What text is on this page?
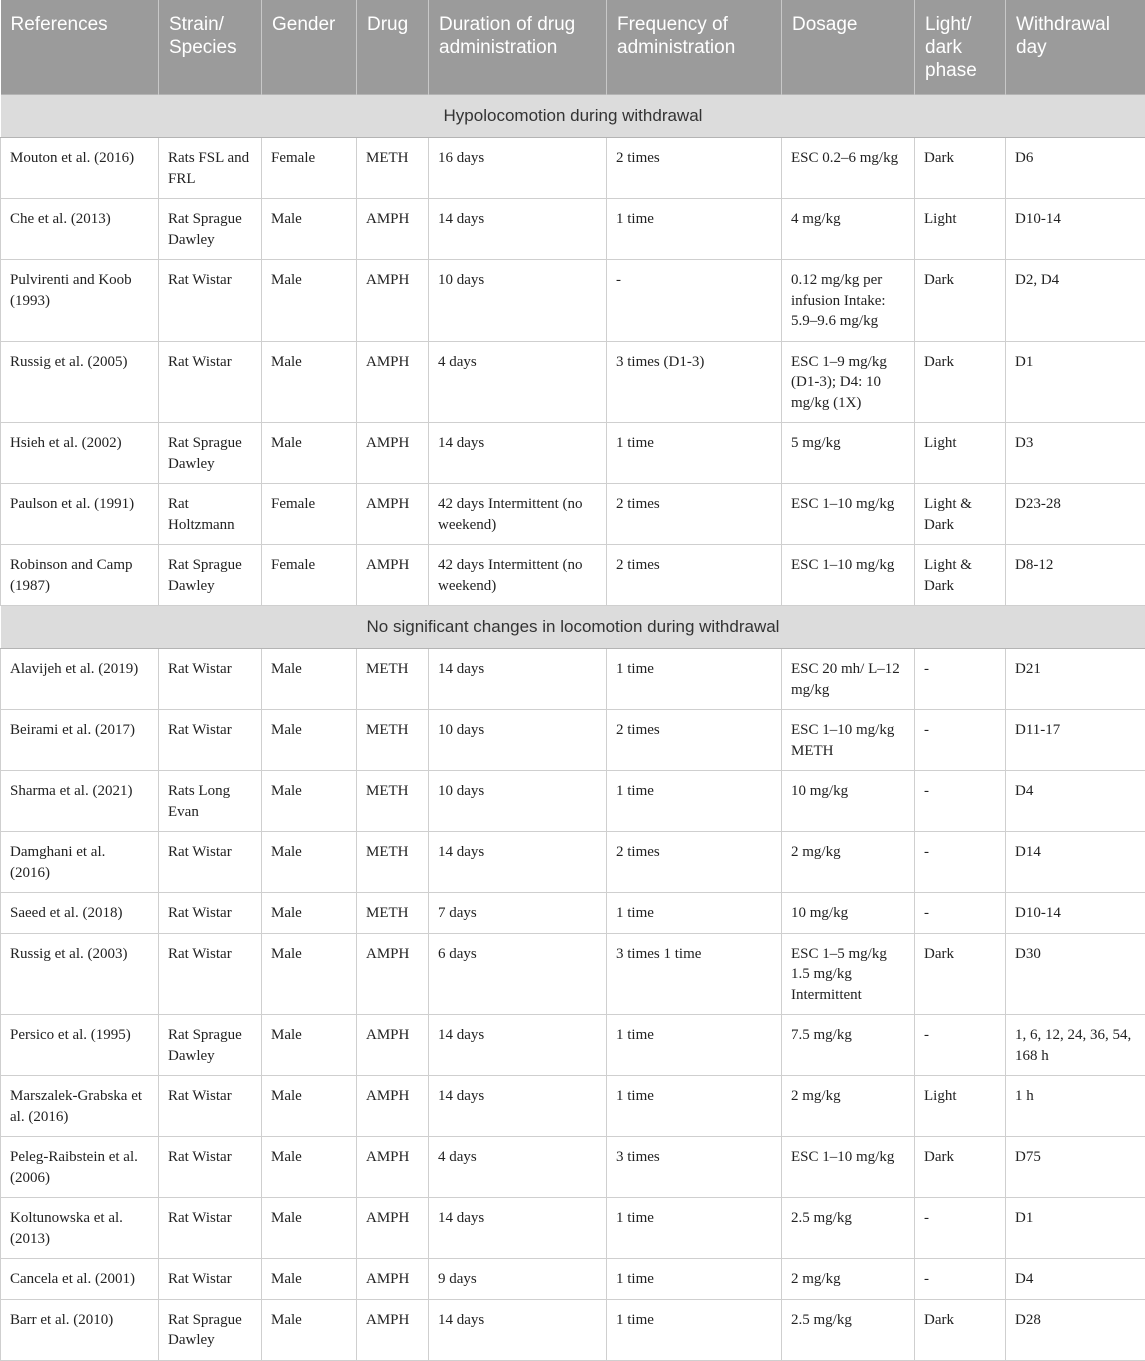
References	Strain/ Species	Gender	Drug	Duration of drug administration	Frequency of administration	Dosage	Light/ dark phase	Withdrawal day
Hypolocomotion during withdrawal								
Mouton et al. (2016)	Rats FSL and FRL	Female	METH	16 days	2 times	ESC 0.2–6 mg/kg	Dark	D6
Che et al. (2013)	Rat Sprague Dawley	Male	AMPH	14 days	1 time	4 mg/kg	Light	D10-14
Pulvirenti and Koob (1993)	Rat Wistar	Male	AMPH	10 days	-	0.12 mg/kg per infusion Intake: 5.9–9.6 mg/kg	Dark	D2, D4
Russig et al. (2005)	Rat Wistar	Male	AMPH	4 days	3 times (D1-3)	ESC 1–9 mg/kg (D1-3); D4: 10 mg/kg (1X)	Dark	D1
Hsieh et al. (2002)	Rat Sprague Dawley	Male	AMPH	14 days	1 time	5 mg/kg	Light	D3
Paulson et al. (1991)	Rat Holtzmann	Female	AMPH	42 days Intermittent (no weekend)	2 times	ESC 1–10 mg/kg	Light & Dark	D23-28
Robinson and Camp (1987)	Rat Sprague Dawley	Female	AMPH	42 days Intermittent (no weekend)	2 times	ESC 1–10 mg/kg	Light & Dark	D8-12
No significant changes in locomotion during withdrawal								
Alavijeh et al. (2019)	Rat Wistar	Male	METH	14 days	1 time	ESC 20 mh/ L–12 mg/kg	-	D21
Beirami et al. (2017)	Rat Wistar	Male	METH	10 days	2 times	ESC 1–10 mg/kg METH	-	D11-17
Sharma et al. (2021)	Rats Long Evan	Male	METH	10 days	1 time	10 mg/kg	-	D4
Damghani et al. (2016)	Rat Wistar	Male	METH	14 days	2 times	2 mg/kg	-	D14
Saeed et al. (2018)	Rat Wistar	Male	METH	7 days	1 time	10 mg/kg	-	D10-14
Russig et al. (2003)	Rat Wistar	Male	AMPH	6 days	3 times 1 time	ESC 1–5 mg/kg 1.5 mg/kg Intermittent	Dark	D30
Persico et al. (1995)	Rat Sprague Dawley	Male	AMPH	14 days	1 time	7.5 mg/kg	-	1, 6, 12, 24, 36, 54, 168 h
Marszalek-Grabska et al. (2016)	Rat Wistar	Male	AMPH	14 days	1 time	2 mg/kg	Light	1 h
Peleg-Raibstein et al. (2006)	Rat Wistar	Male	AMPH	4 days	3 times	ESC 1–10 mg/kg	Dark	D75
Koltunowska et al. (2013)	Rat Wistar	Male	AMPH	14 days	1 time	2.5 mg/kg	-	D1
Cancela et al. (2001)	Rat Wistar	Male	AMPH	9 days	1 time	2 mg/kg	-	D4
Barr et al. (2010)	Rat Sprague Dawley	Male	AMPH	14 days	1 time	2.5 mg/kg	Dark	D28
